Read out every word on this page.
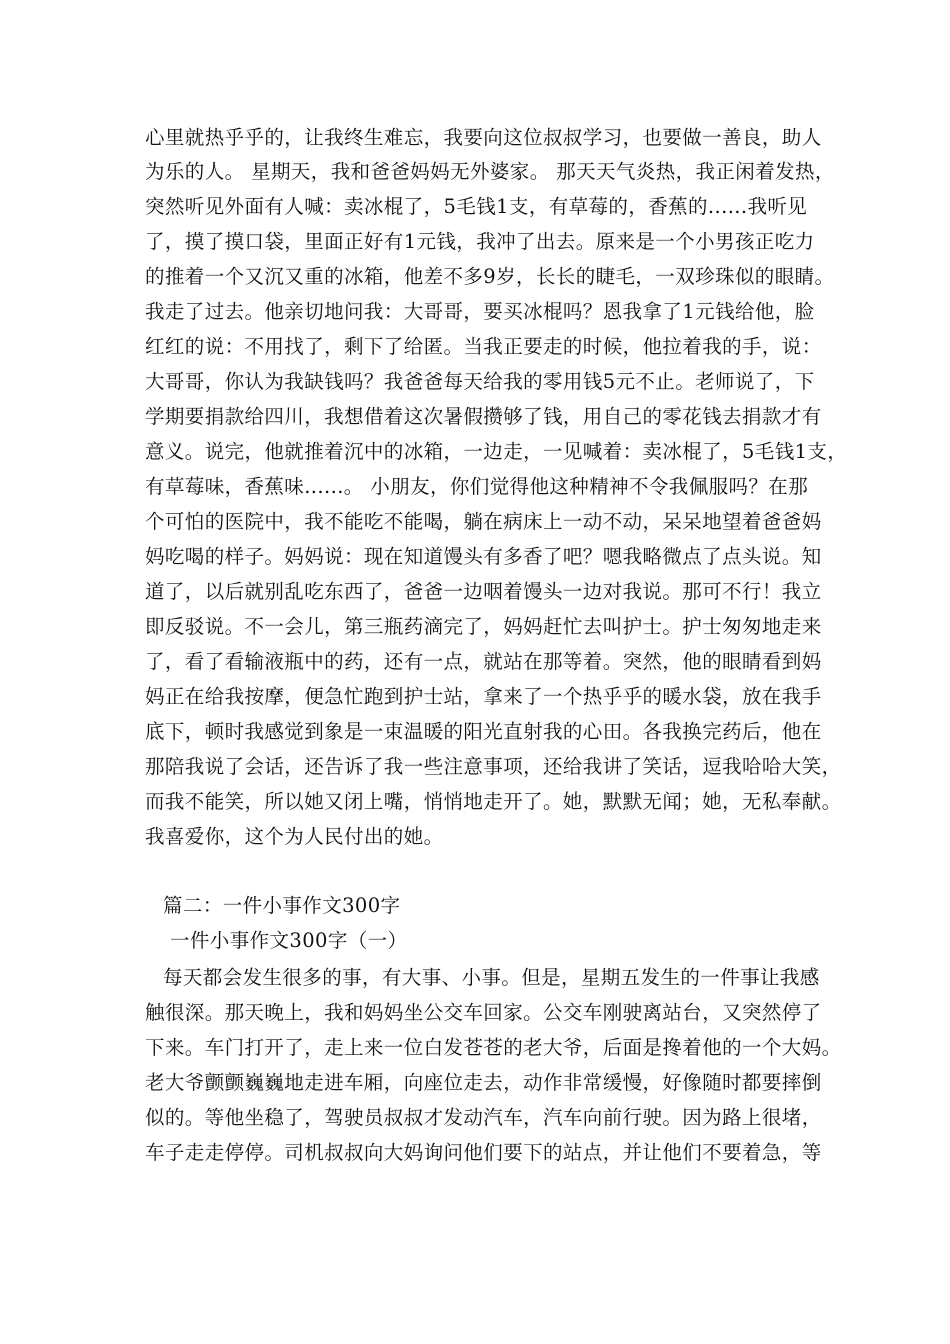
心里就热乎乎的，让我终生难忘，我要向这位叔叔学习，也要做一善良，助人
为乐的人。 星期天，我和爸爸妈妈无外婆家。 那天天气炎热，我正闲着发热，
突然听见外面有人喊：卖冰棍了，5毛钱1支，有草莓的，香蕉的......我听见
了，摸了摸口袋，里面正好有1元钱，我冲了出去。原来是一个小男孩正吃力
的推着一个又沉又重的冰箱，他差不多9岁，长长的睫毛，一双珍珠似的眼睛。
我走了过去。他亲切地问我：大哥哥，要买冰棍吗？恩我拿了1元钱给他，脸
红红的说：不用找了，剩下了给匿。当我正要走的时候，他拉着我的手，说：
大哥哥，你认为我缺钱吗？我爸爸每天给我的零用钱5元不止。老师说了，下
学期要捐款给四川，我想借着这次暑假攒够了钱，用自己的零花钱去捐款才有
意义。说完，他就推着沉中的冰箱，一边走，一见喊着：卖冰棍了，5毛钱1支，
有草莓味，香蕉味......。 小朋友，你们觉得他这种精神不令我佩服吗？在那
个可怕的医院中，我不能吃不能喝，躺在病床上一动不动，呆呆地望着爸爸妈
妈吃喝的样子。妈妈说：现在知道馒头有多香了吧？嗯我略微点了点头说。知
道了，以后就别乱吃东西了，爸爸一边咽着馒头一边对我说。那可不行！我立
即反驳说。不一会儿，第三瓶药滴完了，妈妈赶忙去叫护士。护士匆匆地走来
了，看了看输液瓶中的药，还有一点，就站在那等着。突然，他的眼睛看到妈
妈正在给我按摩，便急忙跑到护士站，拿来了一个热乎乎的暖水袋，放在我手
底下，顿时我感觉到象是一束温暖的阳光直射我的心田。各我换完药后，他在
那陪我说了会话，还告诉了我一些注意事项，还给我讲了笑话，逗我哈哈大笑，
而我不能笑，所以她又闭上嘴，悄悄地走开了。她，默默无闻；她，无私奉献。
我喜爱你，这个为人民付出的她。
篇二：一件小事作文300字
一件小事作文300字（一）
每天都会发生很多的事，有大事、小事。但是，星期五发生的一件事让我感
触很深。那天晚上，我和妈妈坐公交车回家。公交车刚驶离站台，又突然停了
下来。车门打开了，走上来一位白发苍苍的老大爷，后面是搀着他的一个大妈。
老大爷颤颤巍巍地走进车厢，向座位走去，动作非常缓慢，好像随时都要摔倒
似的。等他坐稳了，驾驶员叔叔才发动汽车，汽车向前行驶。因为路上很堵，
车子走走停停。司机叔叔向大妈询问他们要下的站点，并让他们不要着急，等
